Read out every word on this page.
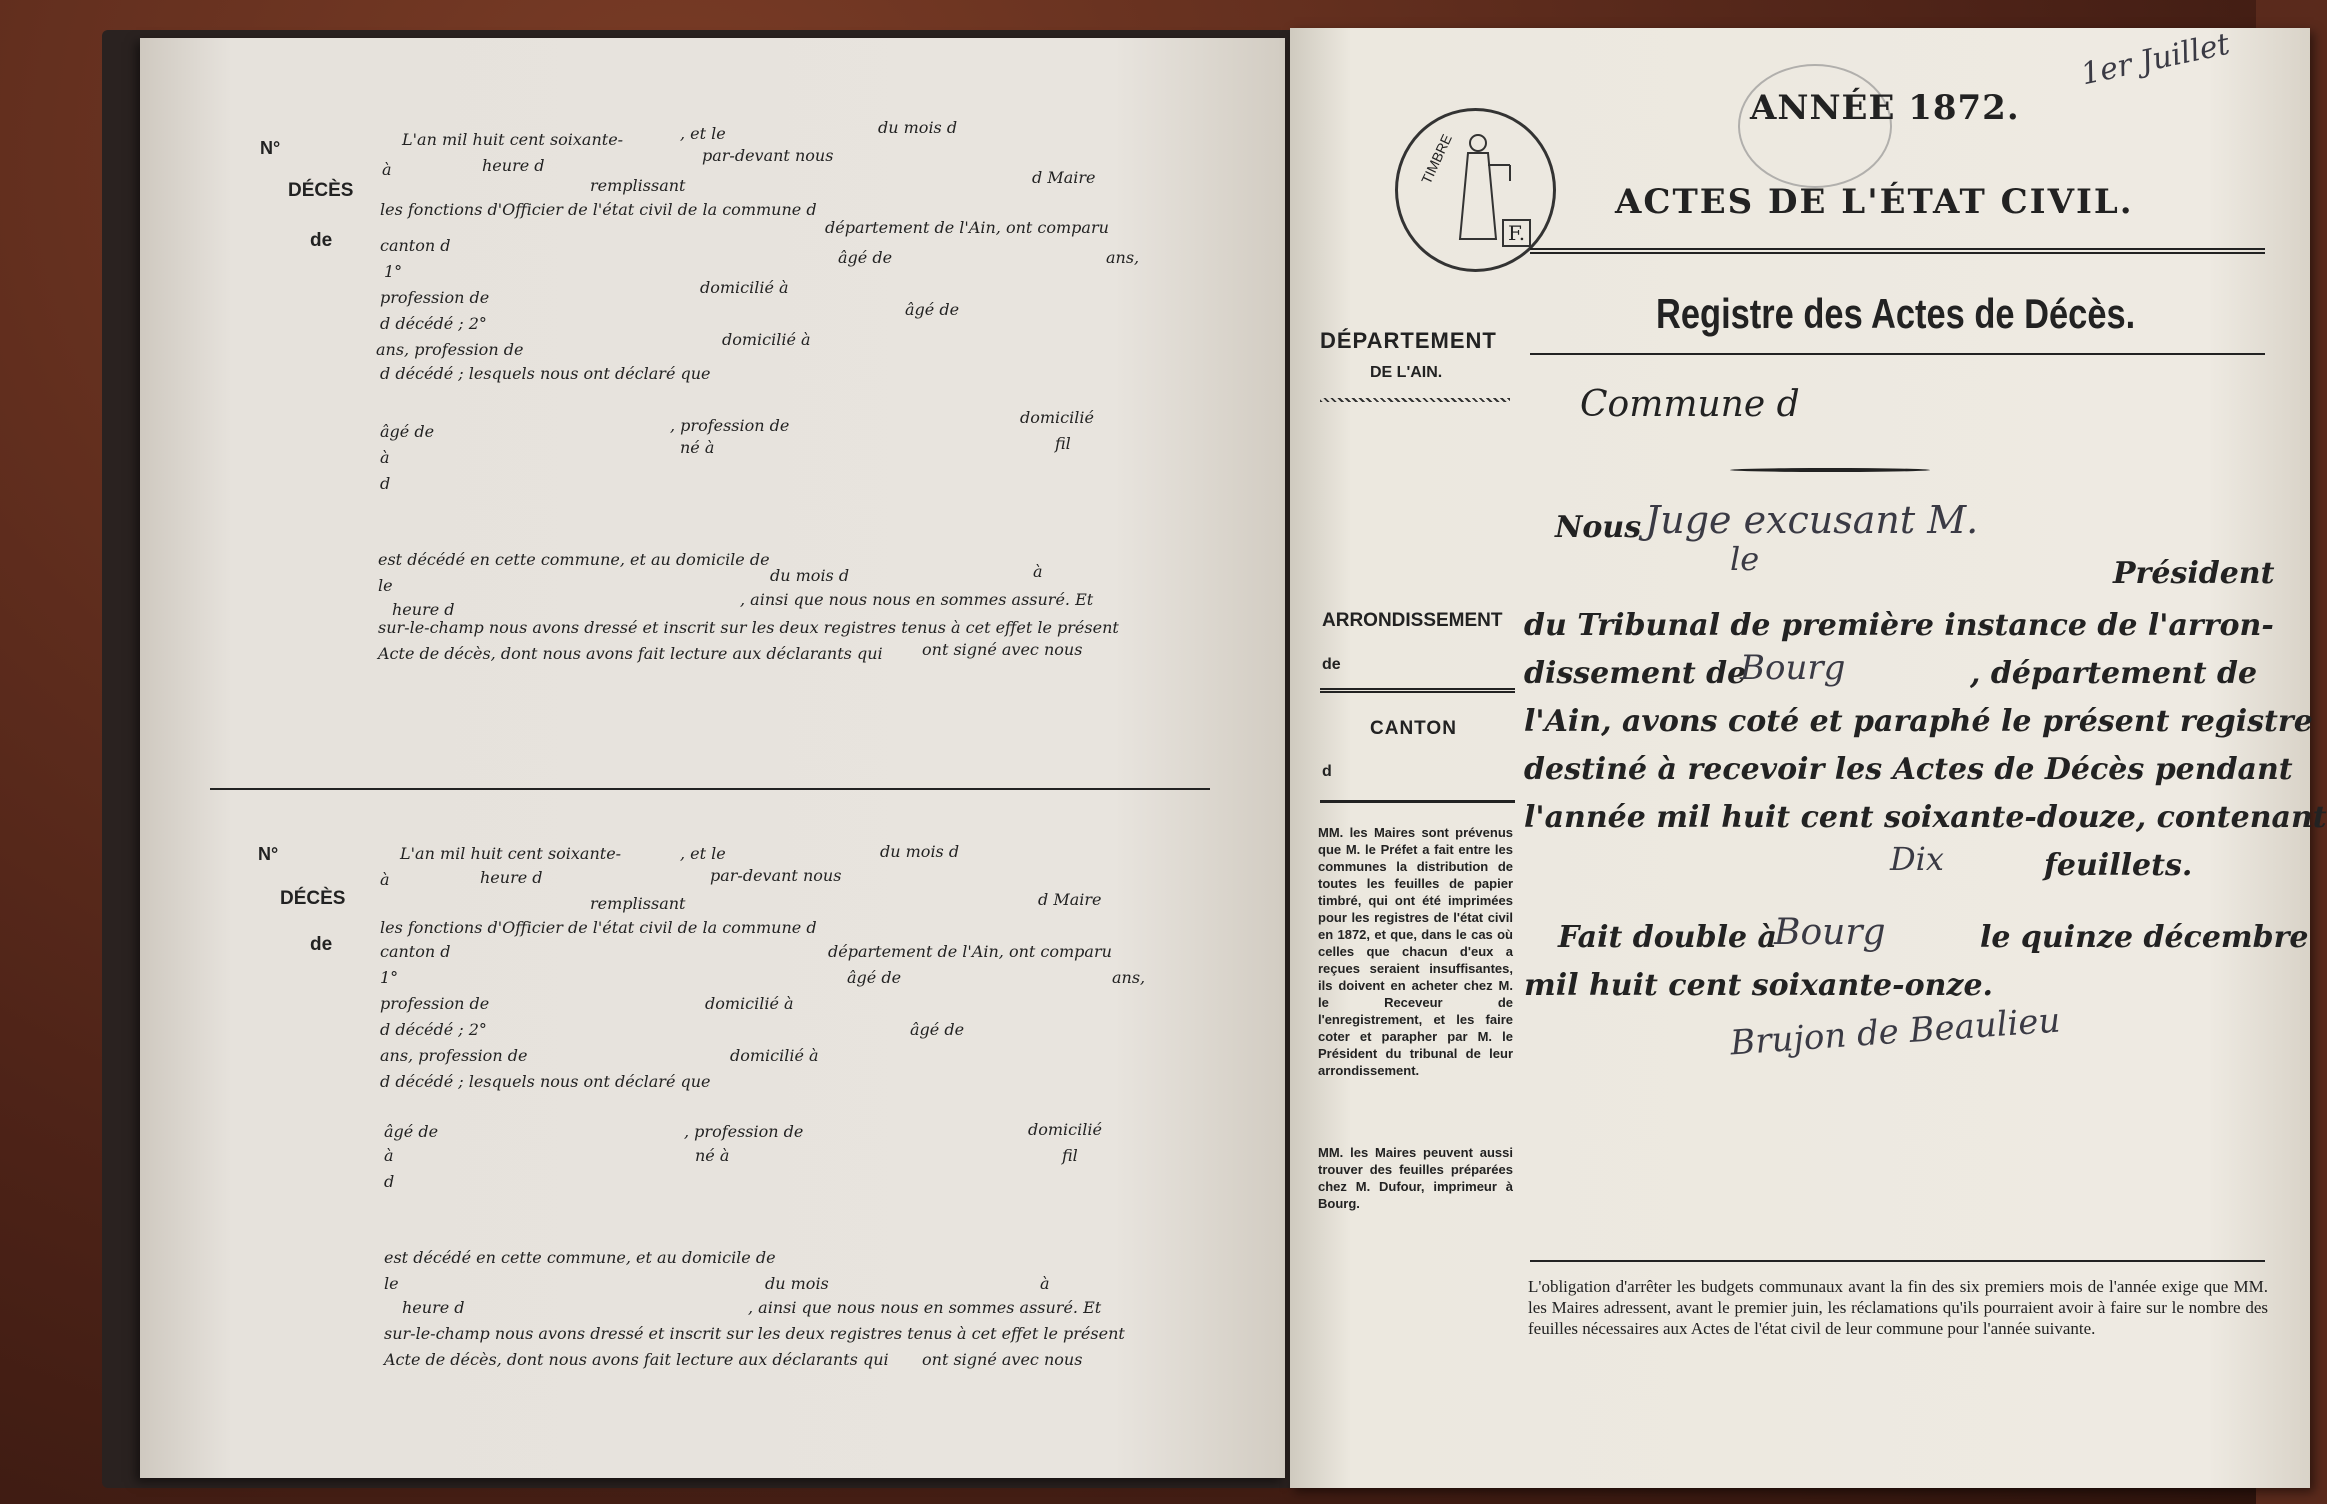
N°
DÉCÈS
de
L'an mil huit cent soixante-	, et le	du mois d
à	heure d
par-devant nous
remplissant	d Maire
les fonctions d'Officier de l'état civil de la commune d
canton d
département de l'Ain, ont comparu
1°
âgé de	ans,
profession de
domicilié à
d décédé ; 2°
âgé de
ans, profession de
domicilié à
d décédé ; lesquels nous ont déclaré que
âgé de	, profession de	domicilié
à
né à	fil
d
est décédé en cette commune, et au domicile de
le
du mois d	à
heure d
, ainsi que nous nous en sommes assuré. Et
sur-le-champ nous avons dressé et inscrit sur les deux registres tenus à cet effet le présent
Acte de décès, dont nous avons fait lecture aux déclarants qui ont signé avec nous
N°
DÉCÈS
de
L'an mil huit cent soixante-	, et le	du mois d
à	heure d	par-devant nous
remplissant	d Maire
les fonctions d'Officier de l'état civil de la commune d
canton d	département de l'Ain, ont comparu
1°	âgé de	ans,
profession de	domicilié à
d décédé ; 2°	âgé de
ans, profession de	domicilié à
d décédé ; lesquels nous ont déclaré que
âgé de	, profession de	domicilié
à	né à	fil
d
est décédé en cette commune, et au domicile de
le	du mois	à
heure d	, ainsi que nous nous en sommes assuré. Et
sur-le-champ nous avons dressé et inscrit sur les deux registres tenus à cet effet le présent
Acte de décès, dont nous avons fait lecture aux déclarants qui ont signé avec nous
1er Juillet
TIMBRE
F.
ANNÉE 1872.
ACTES DE L'ÉTAT CIVIL.
Registre des Actes de Décès.
DÉPARTEMENT
DE L'AIN.
Commune d
Nous Juge excusant M.
le	Président
ARRONDISSEMENT
de
CANTON
d
du Tribunal de première instance de l'arron-
dissement de
Bourg	, département de
l'Ain, avons coté et paraphé le présent registre
destiné à recevoir les Actes de Décès pendant
l'année mil huit cent soixante-douze, contenant
Dix	feuillets.
Fait double à
Bourg	le quinze décembre
mil huit cent soixante-onze.
Brujon de Beaulieu

MM. les Maires sont prévenus que M. le Préfet a fait entre les communes la distribution de toutes les feuilles de papier timbré, qui ont été imprimées pour les registres de l'état civil en 1872, et que, dans le cas où celles que chacun d'eux a reçues seraient insuffisantes, ils doivent en acheter chez M. le Receveur de l'enregistrement, et les faire coter et parapher par M. le Président du tribunal de leur arrondissement.

MM. les Maires peuvent aussi trouver des feuilles préparées chez M. Dufour, imprimeur à Bourg.

L'obligation d'arrêter les budgets communaux avant la fin des six premiers mois de l'année exige que MM. les Maires adressent, avant le premier juin, les réclamations qu'ils pourraient avoir à faire sur le nombre des feuilles nécessaires aux Actes de l'état civil de leur commune pour l'année suivante.
